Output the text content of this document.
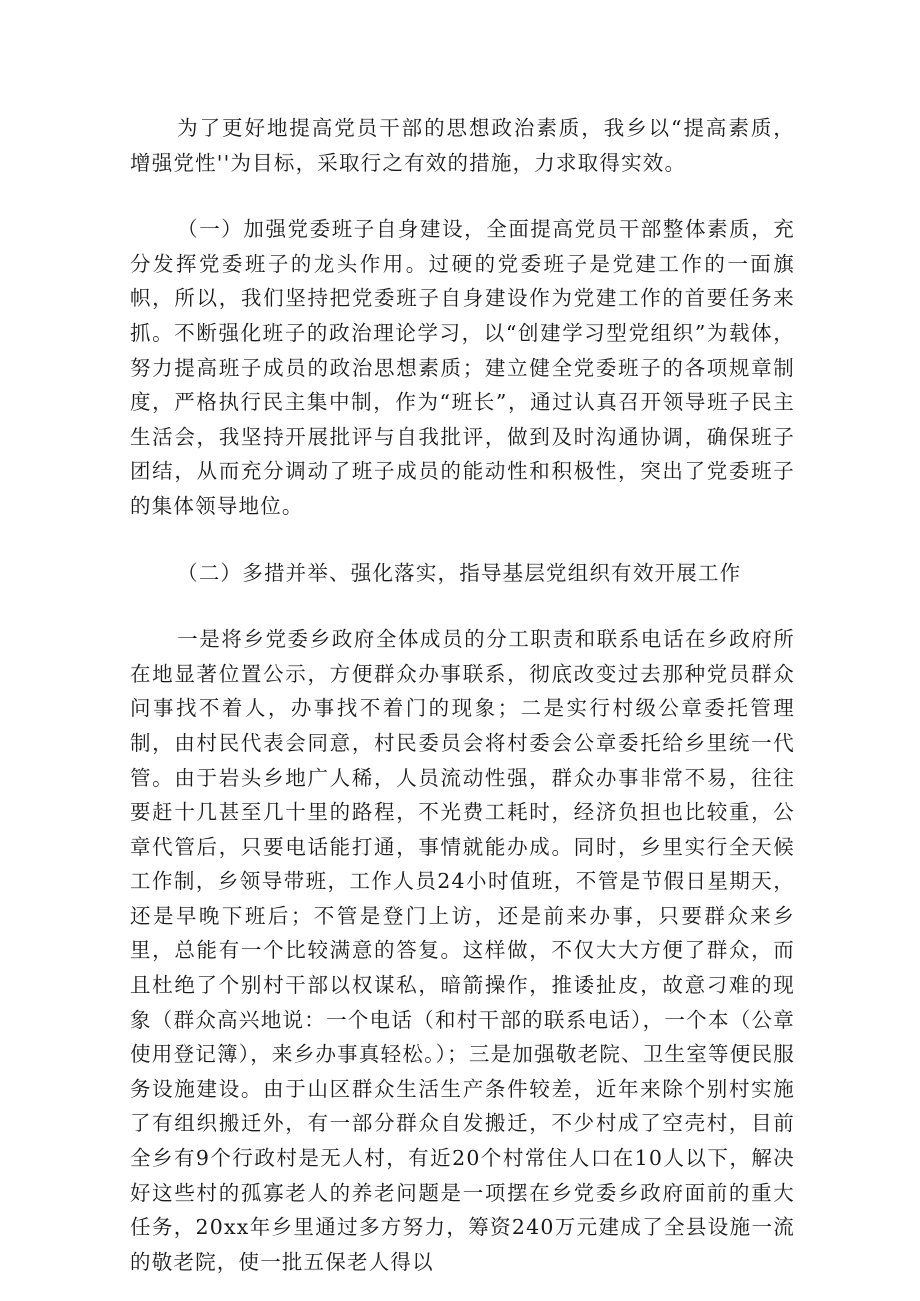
为了更好地提高党员干部的思想政治素质，我乡以“提高素质，增强党性''为目标，采取行之有效的措施，力求取得实效。

（一）加强党委班子自身建设，全面提高党员干部整体素质，充分发挥党委班子的龙头作用。过硬的党委班子是党建工作的一面旗帜，所以，我们坚持把党委班子自身建设作为党建工作的首要任务来抓。不断强化班子的政治理论学习，以“创建学习型党组织”为载体，努力提高班子成员的政治思想素质；建立健全党委班子的各项规章制度，严格执行民主集中制，作为“班长”，通过认真召开领导班子民主生活会，我坚持开展批评与自我批评，做到及时沟通协调，确保班子团结，从而充分调动了班子成员的能动性和积极性，突出了党委班子的集体领导地位。

（二）多措并举、强化落实，指导基层党组织有效开展工作

一是将乡党委乡政府全体成员的分工职责和联系电话在乡政府所在地显著位置公示，方便群众办事联系，彻底改变过去那种党员群众问事找不着人，办事找不着门的现象；二是实行村级公章委托管理制，由村民代表会同意，村民委员会将村委会公章委托给乡里统一代管。由于岩头乡地广人稀，人员流动性强，群众办事非常不易，往往要赶十几甚至几十里的路程，不光费工耗时，经济负担也比较重，公章代管后，只要电话能打通，事情就能办成。同时，乡里实行全天候工作制，乡领导带班，工作人员24小时值班，不管是节假日星期天，还是早晚下班后；不管是登门上访，还是前来办事，只要群众来乡里，总能有一个比较满意的答复。这样做，不仅大大方便了群众，而且杜绝了个别村干部以权谋私，暗箭操作，推诿扯皮，故意刁难的现象（群众高兴地说：一个电话（和村干部的联系电话），一个本（公章使用登记簿），来乡办事真轻松。）；三是加强敬老院、卫生室等便民服务设施建设。由于山区群众生活生产条件较差，近年来除个别村实施了有组织搬迁外，有一部分群众自发搬迁，不少村成了空壳村，目前全乡有9个行政村是无人村，有近20个村常住人口在10人以下，解决好这些村的孤寡老人的养老问题是一项摆在乡党委乡政府面前的重大任务，20xx年乡里通过多方努力，筹资240万元建成了全县设施一流的敬老院，使一批五保老人得以
